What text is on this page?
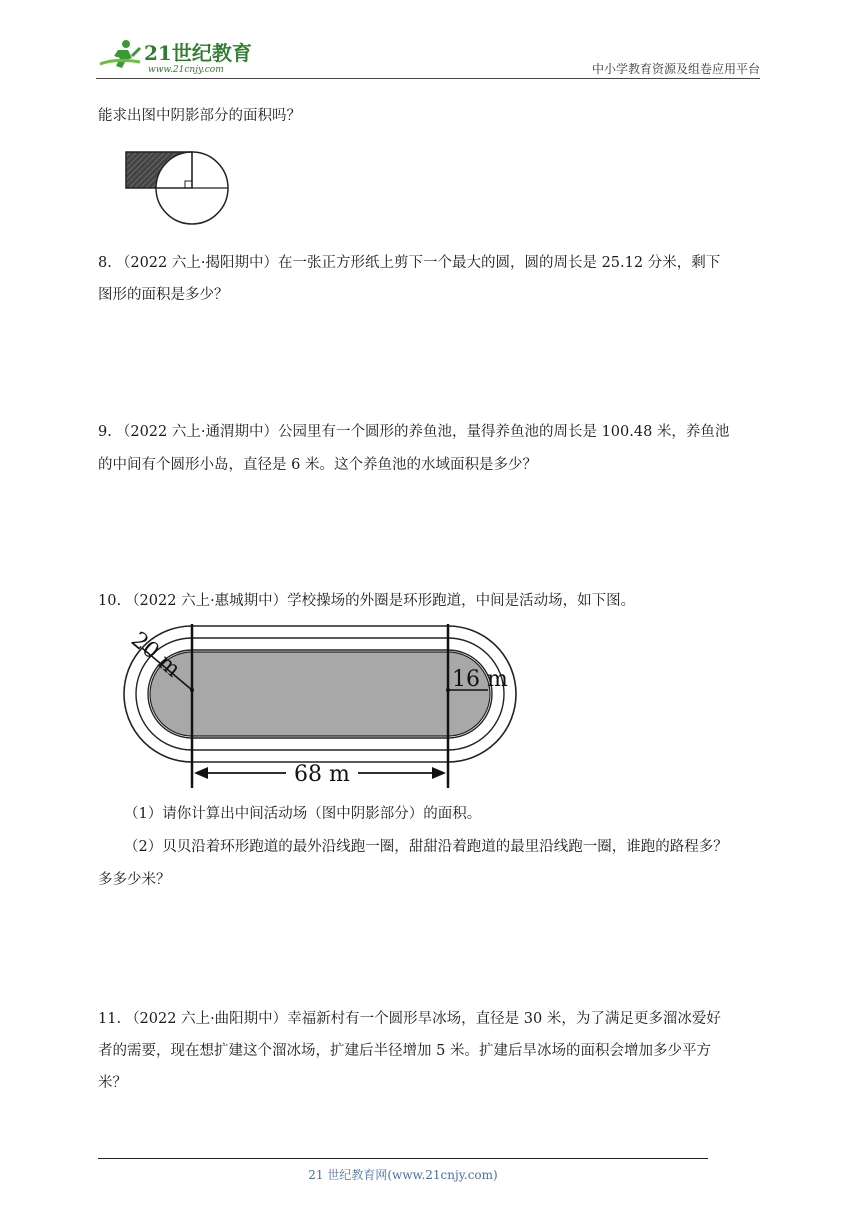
21世纪教育
www.21cnjy.com	中小学教育资源及组卷应用平台
能求出图中阴影部分的面积吗？
8. （2022 六上·揭阳期中）在一张正方形纸上剪下一个最大的圆，圆的周长是 25.12 分米，剩下
图形的面积是多少？
9. （2022 六上·通渭期中）公园里有一个圆形的养鱼池，量得养鱼池的周长是 100.48 米，养鱼池
的中间有个圆形小岛，直径是 6 米。这个养鱼池的水域面积是多少？
10. （2022 六上·惠城期中）学校操场的外圈是环形跑道，中间是活动场，如下图。
20 m	16 m
68 m
（1）请你计算出中间活动场（图中阴影部分）的面积。
（2）贝贝沿着环形跑道的最外沿线跑一圈，甜甜沿着跑道的最里沿线跑一圈，谁跑的路程多？
多多少米？
11. （2022 六上·曲阳期中）幸福新村有一个圆形旱冰场，直径是 30 米，为了满足更多溜冰爱好
者的需要，现在想扩建这个溜冰场，扩建后半径增加 5 米。扩建后旱冰场的面积会增加多少平方
米？
21 世纪教育网(www.21cnjy.com)
